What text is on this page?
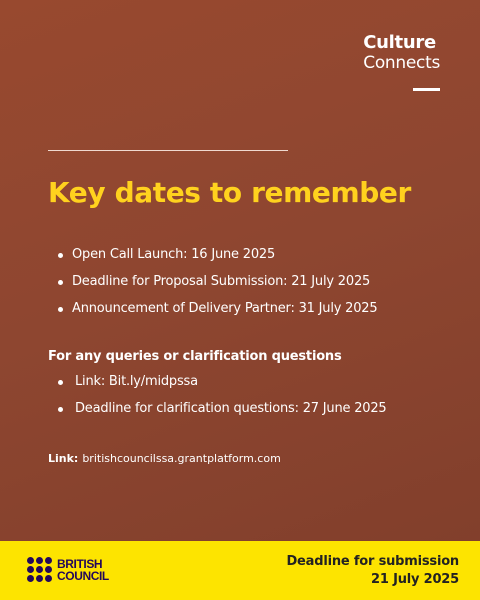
Culture
Connects
Key dates to remember
Open Call Launch: 16 June 2025
Deadline for Proposal Submission: 21 July 2025
Announcement of Delivery Partner: 31 July 2025
For any queries or clarification questions
Link: Bit.ly/midpssa
Deadline for clarification questions: 27 June 2025
Link: britishcouncilssa.grantplatform.com
BRITISH
COUNCIL
Deadline for submission
21 July 2025
